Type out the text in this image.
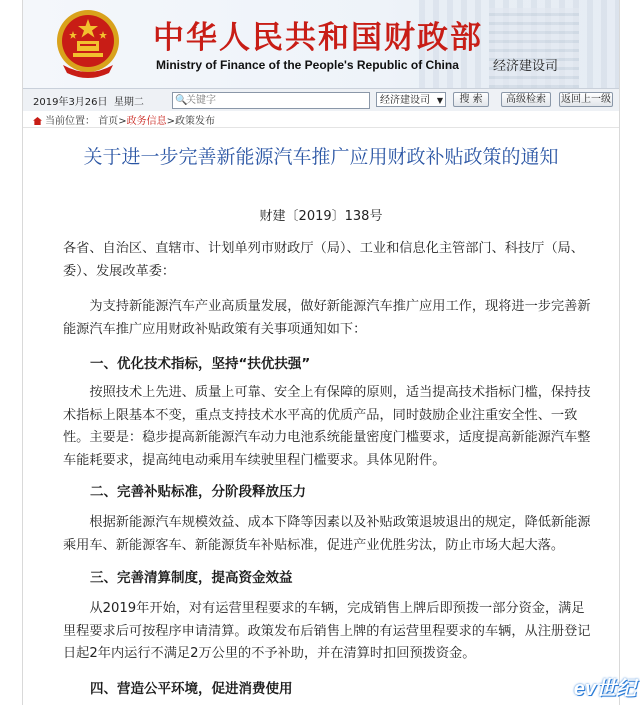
中华人民共和国财政部
Ministry of Finance of the People's Republic of China	经济建设司
2019年3月26日 星期二	🔍
关键字	经济建设司 ▼	搜 索	高级检索	返回上一级
当前位置： 首页>政务信息>政策发布
关于进一步完善新能源汽车推广应用财政补贴政策的通知
财建〔2019〕138号
各省、自治区、直辖市、计划单列市财政厅（局）、工业和信息化主管部门、科技厅（局、委）、发展改革委：
为支持新能源汽车产业高质量发展，做好新能源汽车推广应用工作，现将进一步完善新能源汽车推广应用财政补贴政策有关事项通知如下：
一、优化技术指标，坚持“扶优扶强”
按照技术上先进、质量上可靠、安全上有保障的原则，适当提高技术指标门槛，保持技术指标上限基本不变，重点支持技术水平高的优质产品，同时鼓励企业注重安全性、一致性。主要是：稳步提高新能源汽车动力电池系统能量密度门槛要求，适度提高新能源汽车整车能耗要求，提高纯电动乘用车续驶里程门槛要求。具体见附件。
二、完善补贴标准，分阶段释放压力
根据新能源汽车规模效益、成本下降等因素以及补贴政策退坡退出的规定，降低新能源乘用车、新能源客车、新能源货车补贴标准，促进产业优胜劣汰，防止市场大起大落。
三、完善清算制度，提高资金效益
从2019年开始，对有运营里程要求的车辆，完成销售上牌后即预拨一部分资金，满足里程要求后可按程序申请清算。政策发布后销售上牌的有运营里程要求的车辆，从注册登记日起2年内运行不满足2万公里的不予补助，并在清算时扣回预拨资金。
四、营造公平环境，促进消费使用	ev世纪
